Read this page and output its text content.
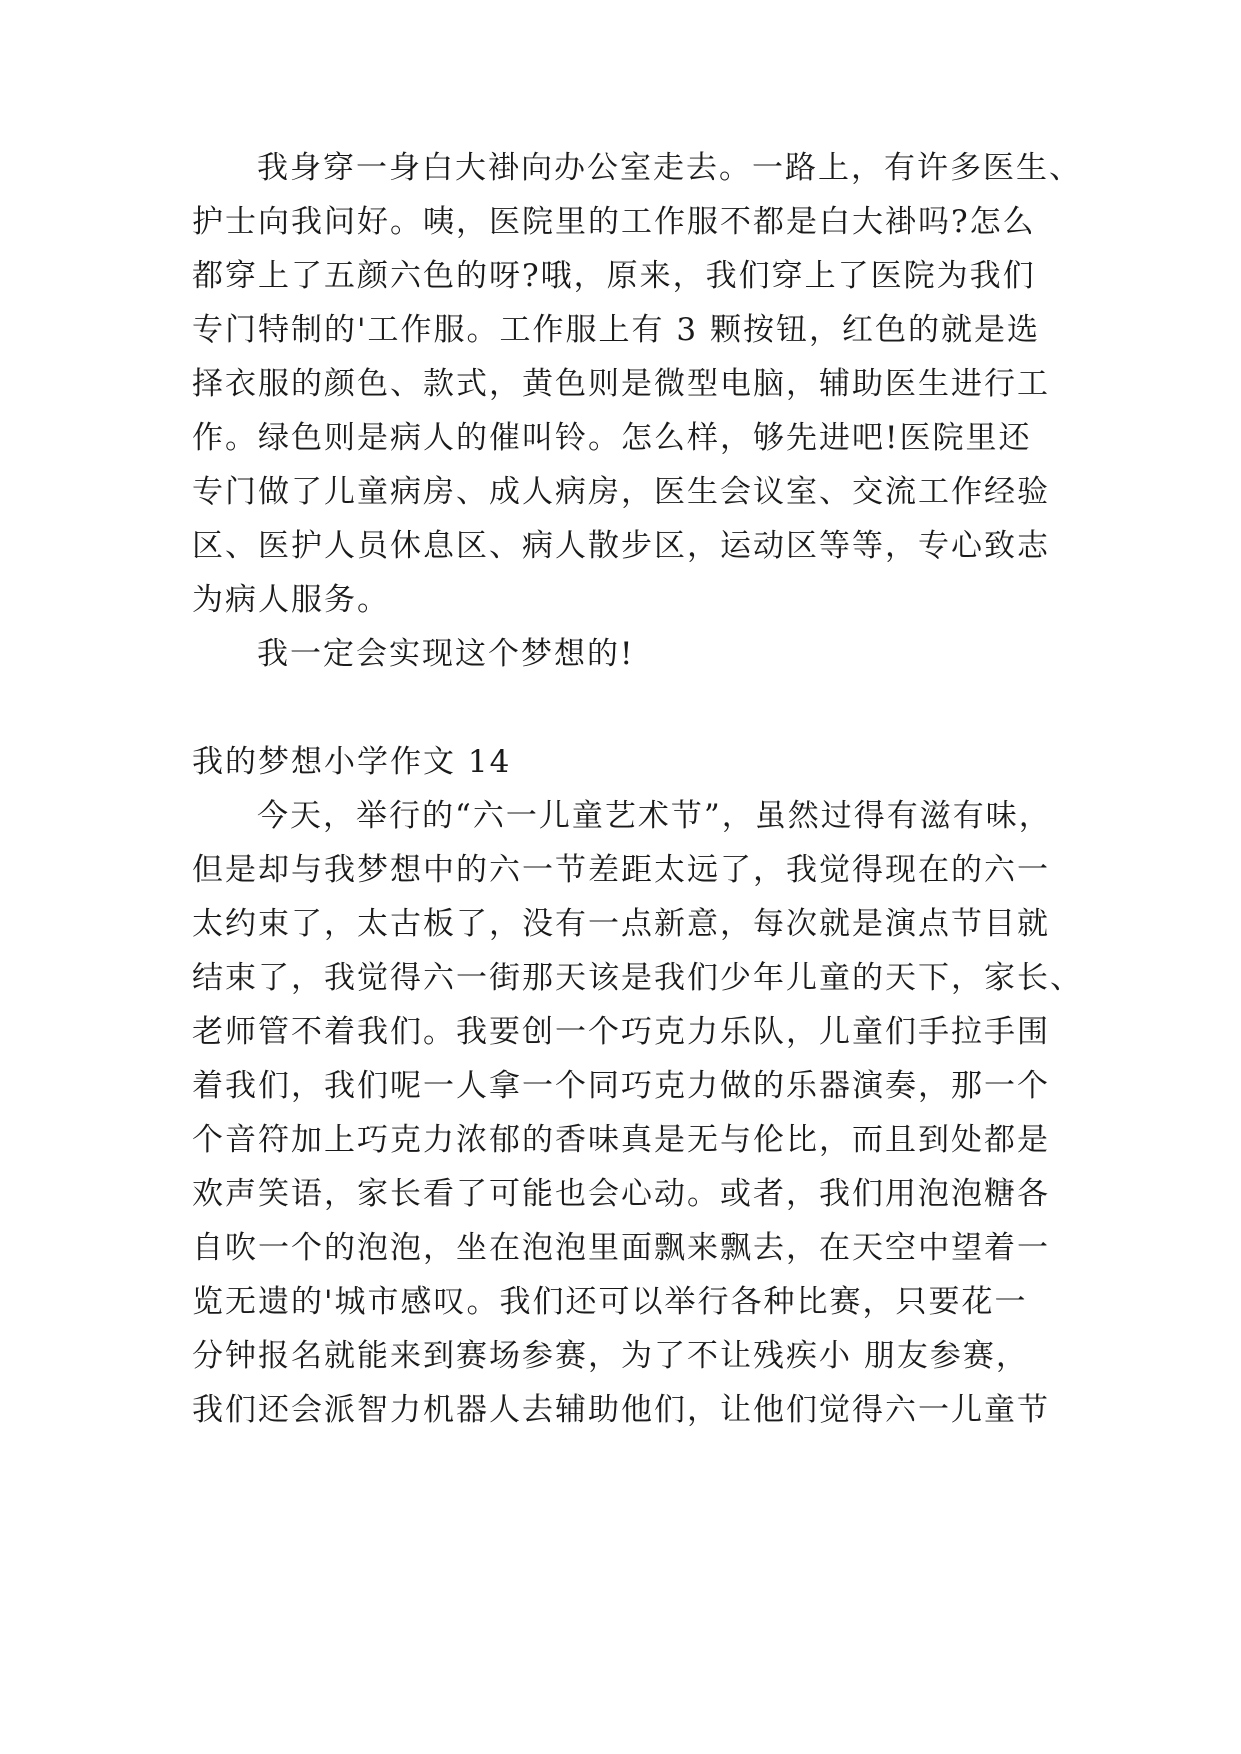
我身穿一身白大褂向办公室走去。一路上，有许多医生、
护士向我问好。咦，医院里的工作服不都是白大褂吗?怎么
都穿上了五颜六色的呀?哦，原来，我们穿上了医院为我们
专门特制的'工作服。工作服上有 3 颗按钮，红色的就是选
择衣服的颜色、款式，黄色则是微型电脑，辅助医生进行工
作。绿色则是病人的催叫铃。怎么样，够先进吧!医院里还
专门做了儿童病房、成人病房，医生会议室、交流工作经验
区、医护人员休息区、病人散步区，运动区等等，专心致志
为病人服务。
我一定会实现这个梦想的!
我的梦想小学作文 14
今天，举行的“六一儿童艺术节”，虽然过得有滋有味，
但是却与我梦想中的六一节差距太远了，我觉得现在的六一
太约束了，太古板了，没有一点新意，每次就是演点节目就
结束了，我觉得六一街那天该是我们少年儿童的天下，家长、
老师管不着我们。我要创一个巧克力乐队，儿童们手拉手围
着我们，我们呢一人拿一个同巧克力做的乐器演奏，那一个
个音符加上巧克力浓郁的香味真是无与伦比，而且到处都是
欢声笑语，家长看了可能也会心动。或者，我们用泡泡糖各
自吹一个的泡泡，坐在泡泡里面飘来飘去，在天空中望着一
览无遗的'城市感叹。我们还可以举行各种比赛，只要花一
分钟报名就能来到赛场参赛，为了不让残疾小 朋友参赛，
我们还会派智力机器人去辅助他们，让他们觉得六一儿童节
